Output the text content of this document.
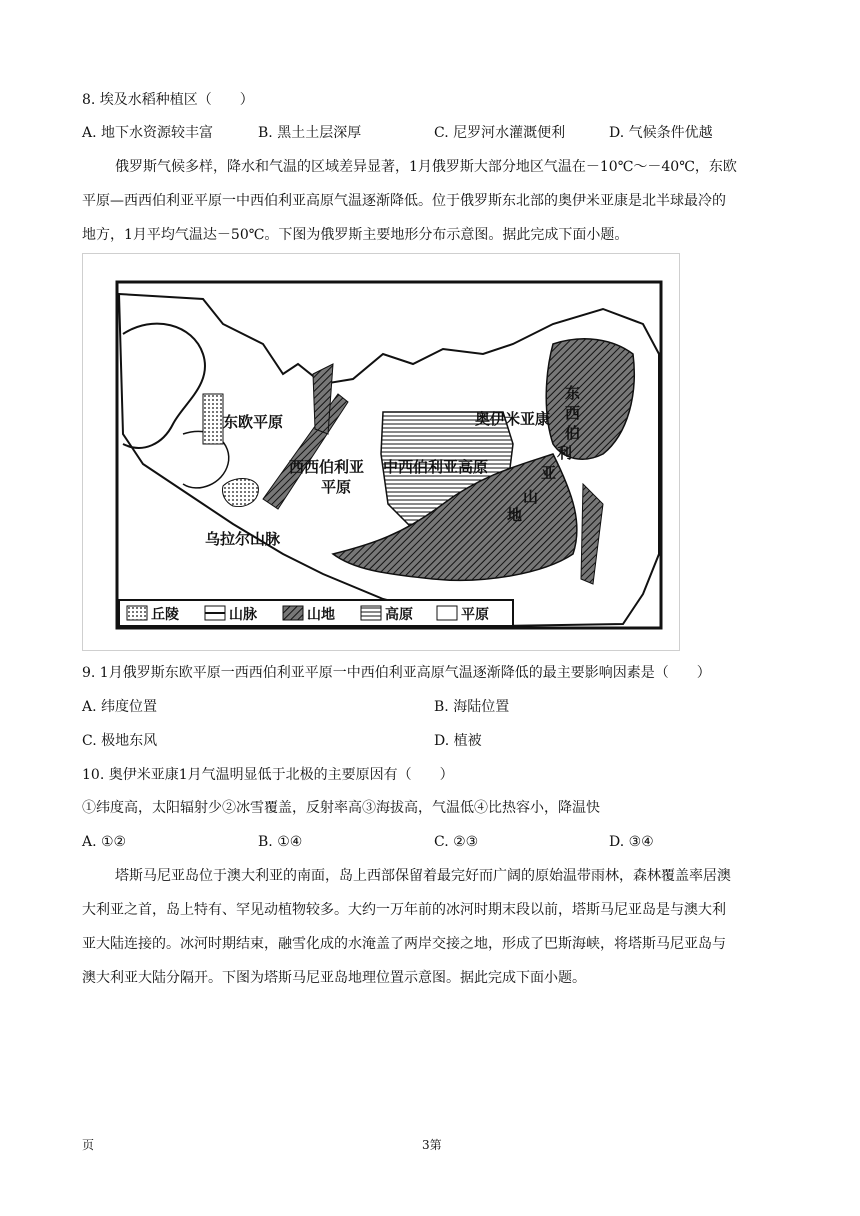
8. 埃及水稻种植区（　　）
A. 地下水资源较丰富	B. 黑土土层深厚	C. 尼罗河水灌溉便利	D. 气候条件优越
俄罗斯气候多样，降水和气温的区域差异显著，1月俄罗斯大部分地区气温在－10℃～－40℃，东欧
平原—西西伯利亚平原一中西伯利亚高原气温逐渐降低。位于俄罗斯东北部的奥伊米亚康是北半球最冷的
地方，1月平均气温达－50℃。下图为俄罗斯主要地形分布示意图。据此完成下面小题。
东欧平原
西西伯利亚
平原
中西伯利亚高原
奥伊米亚康
乌拉尔山脉
东
西
伯
利
亚
山
地
丘陵	山脉	山地	高原	平原
9. 1月俄罗斯东欧平原一西西伯利亚平原一中西伯利亚高原气温逐渐降低的最主要影响因素是（　　）
A. 纬度位置	B. 海陆位置
C. 极地东风	D. 植被
10. 奥伊米亚康1月气温明显低于北极的主要原因有（　　）
①纬度高，太阳辐射少②冰雪覆盖，反射率高③海拔高，气温低④比热容小，降温快
A. ①②	B. ①④	C. ②③	D. ③④
塔斯马尼亚岛位于澳大利亚的南面，岛上西部保留着最完好而广阔的原始温带雨林，森林覆盖率居澳
大利亚之首，岛上特有、罕见动植物较多。大约一万年前的冰河时期末段以前，塔斯马尼亚岛是与澳大利
亚大陆连接的。冰河时期结束，融雪化成的水淹盖了两岸交接之地，形成了巴斯海峡，将塔斯马尼亚岛与
澳大利亚大陆分隔开。下图为塔斯马尼亚岛地理位置示意图。据此完成下面小题。
页	3第
